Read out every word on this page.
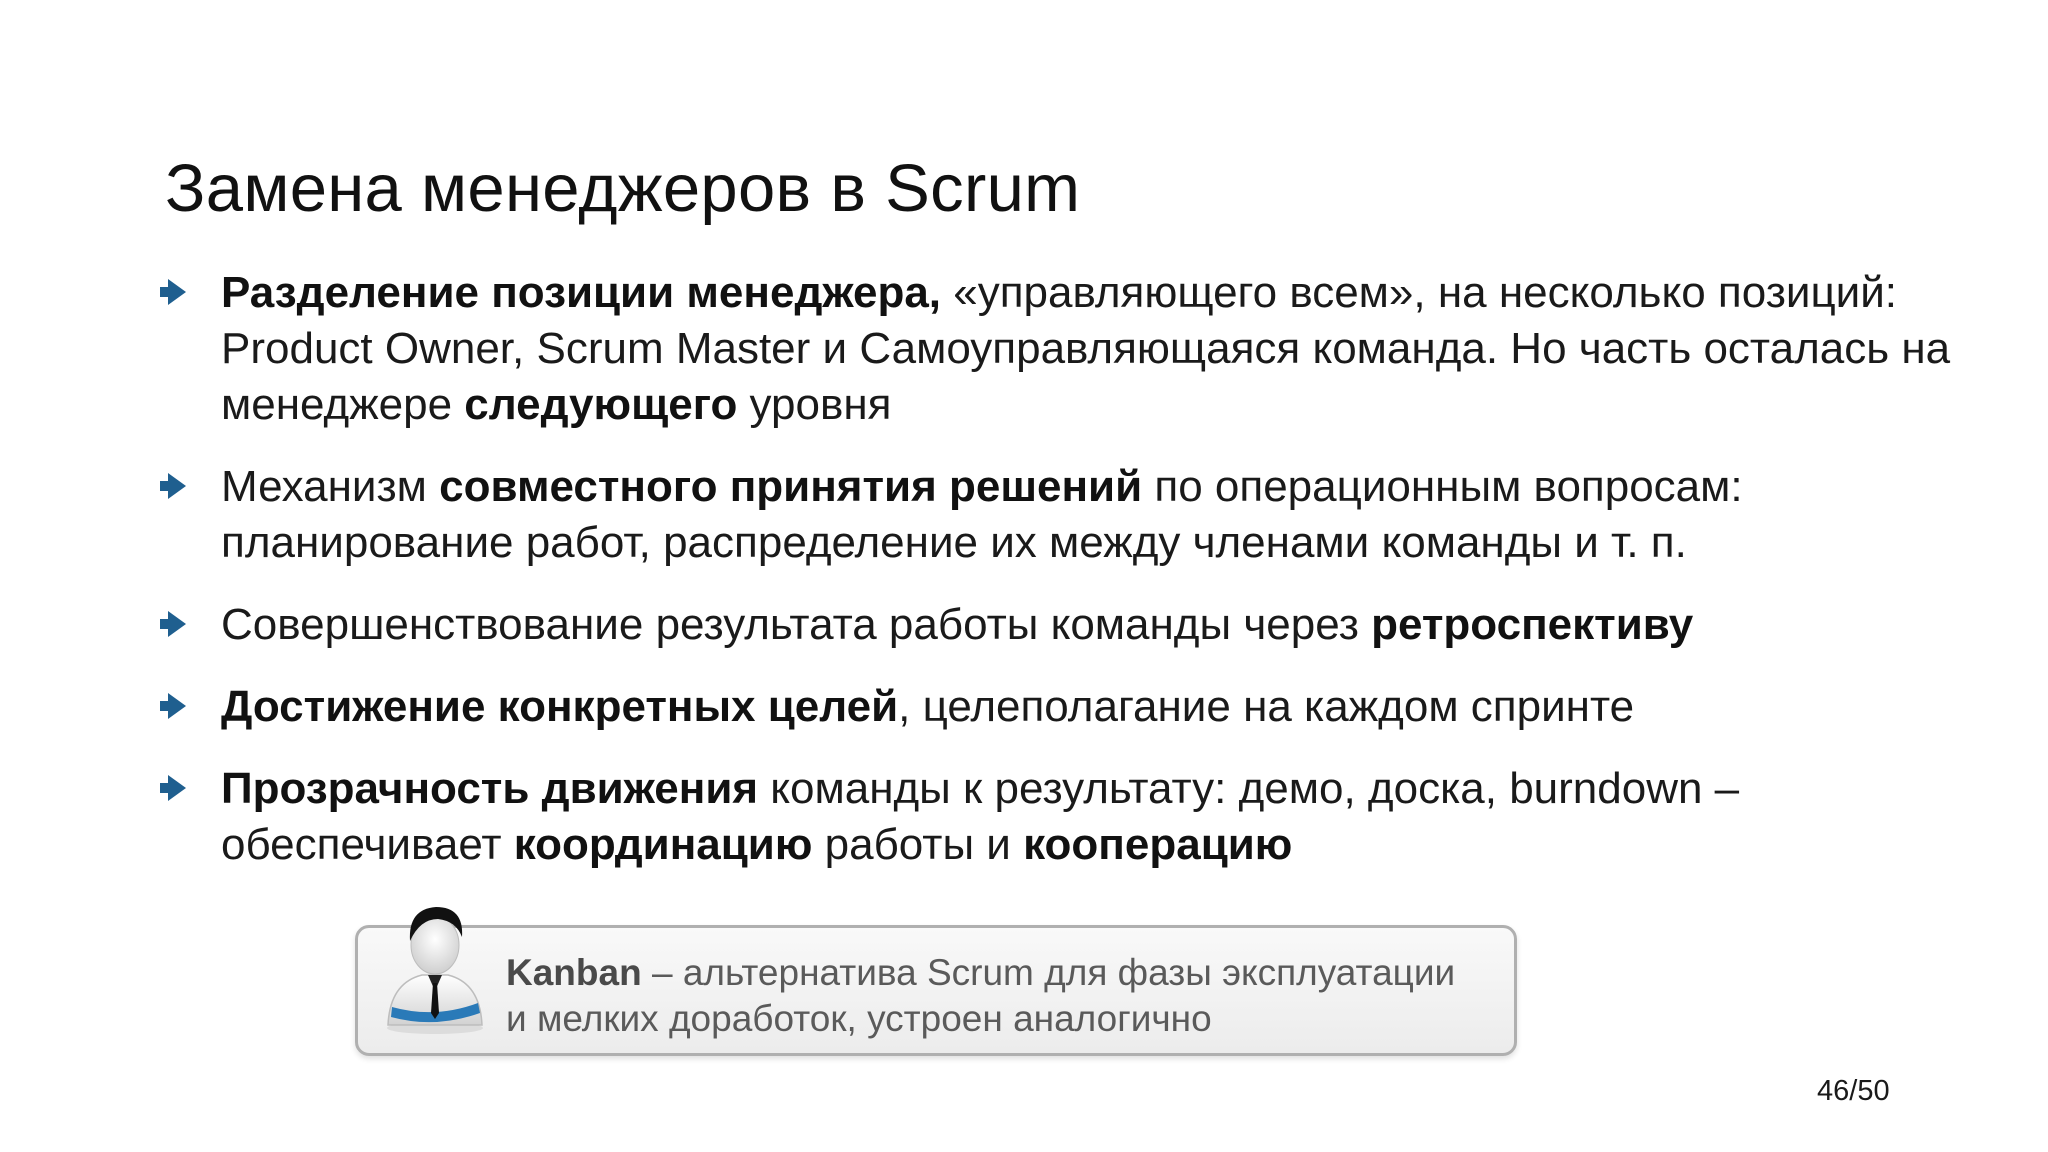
Замена менеджеров в Scrum
Разделение позиции менеджера, «управляющего всем», на несколько позиций: Product Owner, Scrum Master и Самоуправляющаяся команда. Но часть осталась на менеджере следующего уровня
Механизм совместного принятия решений по операционным вопросам: планирование работ, распределение их между членами команды и т. п.
Совершенствование результата работы команды через ретроспективу
Достижение конкретных целей, целеполагание на каждом спринте
Прозрачность движения команды к результату: демо, доска, burndown – обеспечивает координацию работы и кооперацию
Kanban – альтернатива Scrum для фазы эксплуатации
и мелких доработок, устроен аналогично
46/50
